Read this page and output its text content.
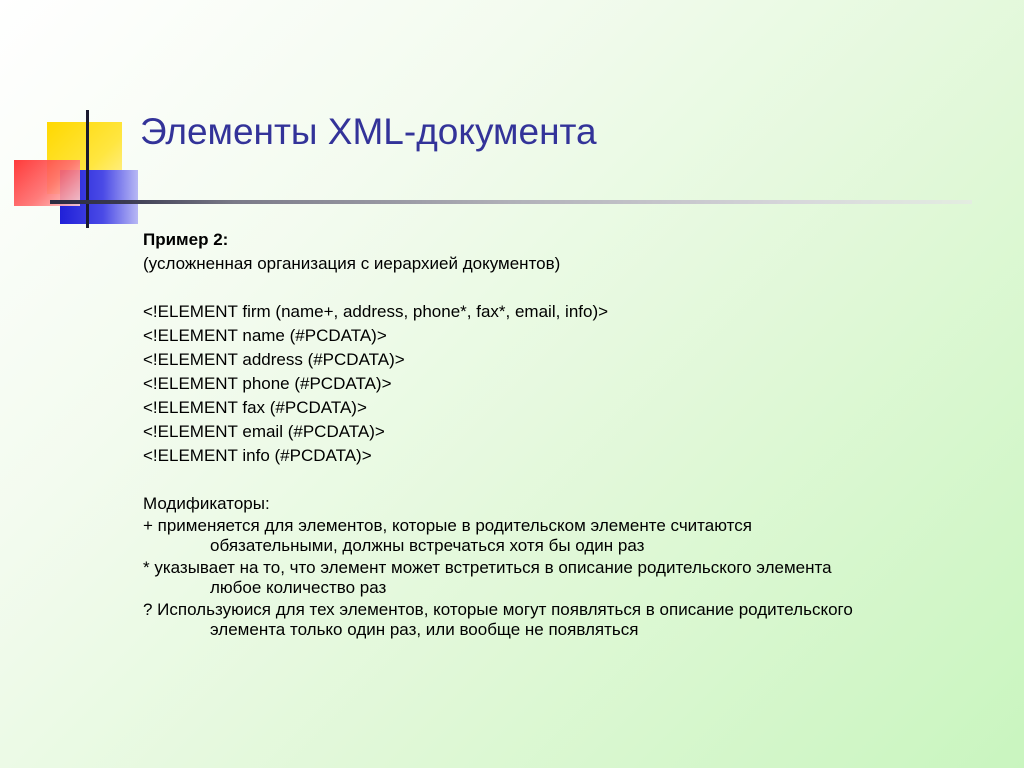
Элементы XML-документа

Пример 2:

(усложненная организация с иерархией документов)

<!ELEMENT firm (name+, address, phone*, fax*, email, info)>

<!ELEMENT name (#PCDATA)>

<!ELEMENT address (#PCDATA)>

<!ELEMENT phone (#PCDATA)>

<!ELEMENT fax (#PCDATA)>

<!ELEMENT email (#PCDATA)>

<!ELEMENT info (#PCDATA)>

Модификаторы:

+ применяется для элементов, которые в родительском элементе считаются
обязательными, должны встречаться хотя бы один раз

* указывает на то, что элемент может встретиться в описание родительского элемента
любое количество раз

? Используюися для тех элементов, которые могут появляться в описание родительского
элемента только один раз, или вообще не появляться
